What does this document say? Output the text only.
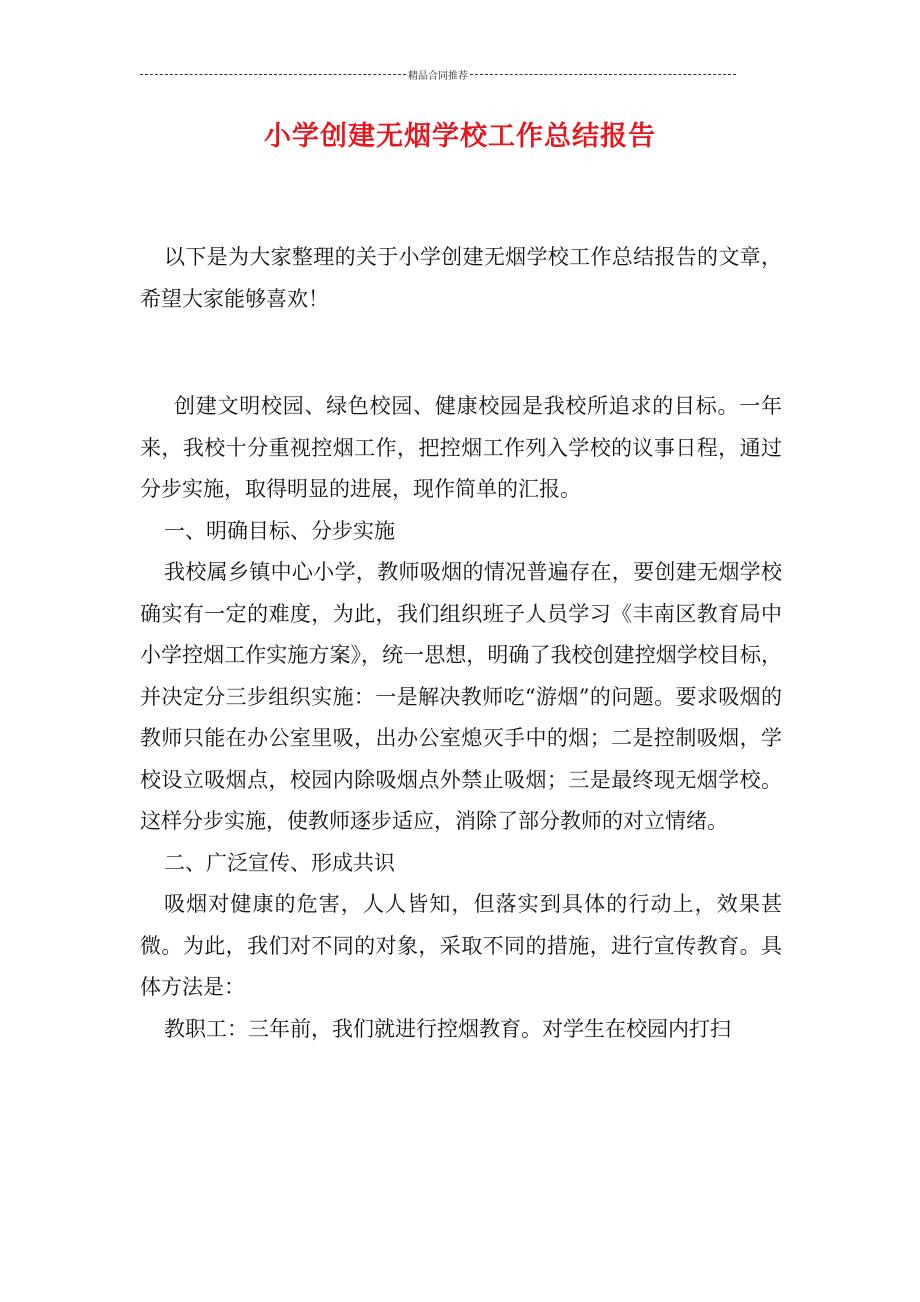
精品合同推荐
小学创建无烟学校工作总结报告

以下是为大家整理的关于小学创建无烟学校工作总结报告的文章，希望大家能够喜欢！

创建文明校园、绿色校园、健康校园是我校所追求的目标。一年来，我校十分重视控烟工作，把控烟工作列入学校的议事日程，通过分步实施，取得明显的进展，现作简单的汇报。

一、明确目标、分步实施

我校属乡镇中心小学，教师吸烟的情况普遍存在，要创建无烟学校确实有一定的难度，为此，我们组织班子人员学习《丰南区教育局中小学控烟工作实施方案》，统一思想，明确了我校创建控烟学校目标，并决定分三步组织实施：一是解决教师吃“游烟”的问题。要求吸烟的教师只能在办公室里吸，出办公室熄灭手中的烟；二是控制吸烟，学校设立吸烟点，校园内除吸烟点外禁止吸烟；三是最终现无烟学校。这样分步实施，使教师逐步适应，消除了部分教师的对立情绪。

二、广泛宣传、形成共识

吸烟对健康的危害，人人皆知，但落实到具体的行动上，效果甚微。为此，我们对不同的对象，采取不同的措施，进行宣传教育。具体方法是：

教职工：三年前，我们就进行控烟教育。对学生在校园内打扫
